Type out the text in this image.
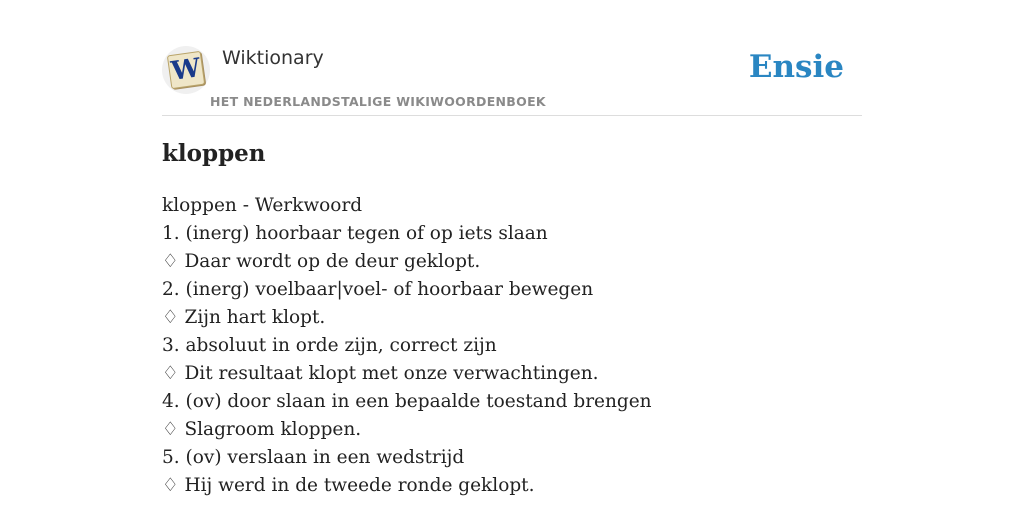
W Wiktionary
HET NEDERLANDSTALIGE WIKIWOORDENBOEK
Ensie
kloppen
kloppen - Werkwoord
1. (inerg) hoorbaar tegen of op iets slaan
♢ Daar wordt op de deur geklopt.
2. (inerg) voelbaar|voel- of hoorbaar bewegen
♢ Zijn hart klopt.
3. absoluut in orde zijn, correct zijn
♢ Dit resultaat klopt met onze verwachtingen.
4. (ov) door slaan in een bepaalde toestand brengen
♢ Slagroom kloppen.
5. (ov) verslaan in een wedstrijd
♢ Hij werd in de tweede ronde geklopt.
